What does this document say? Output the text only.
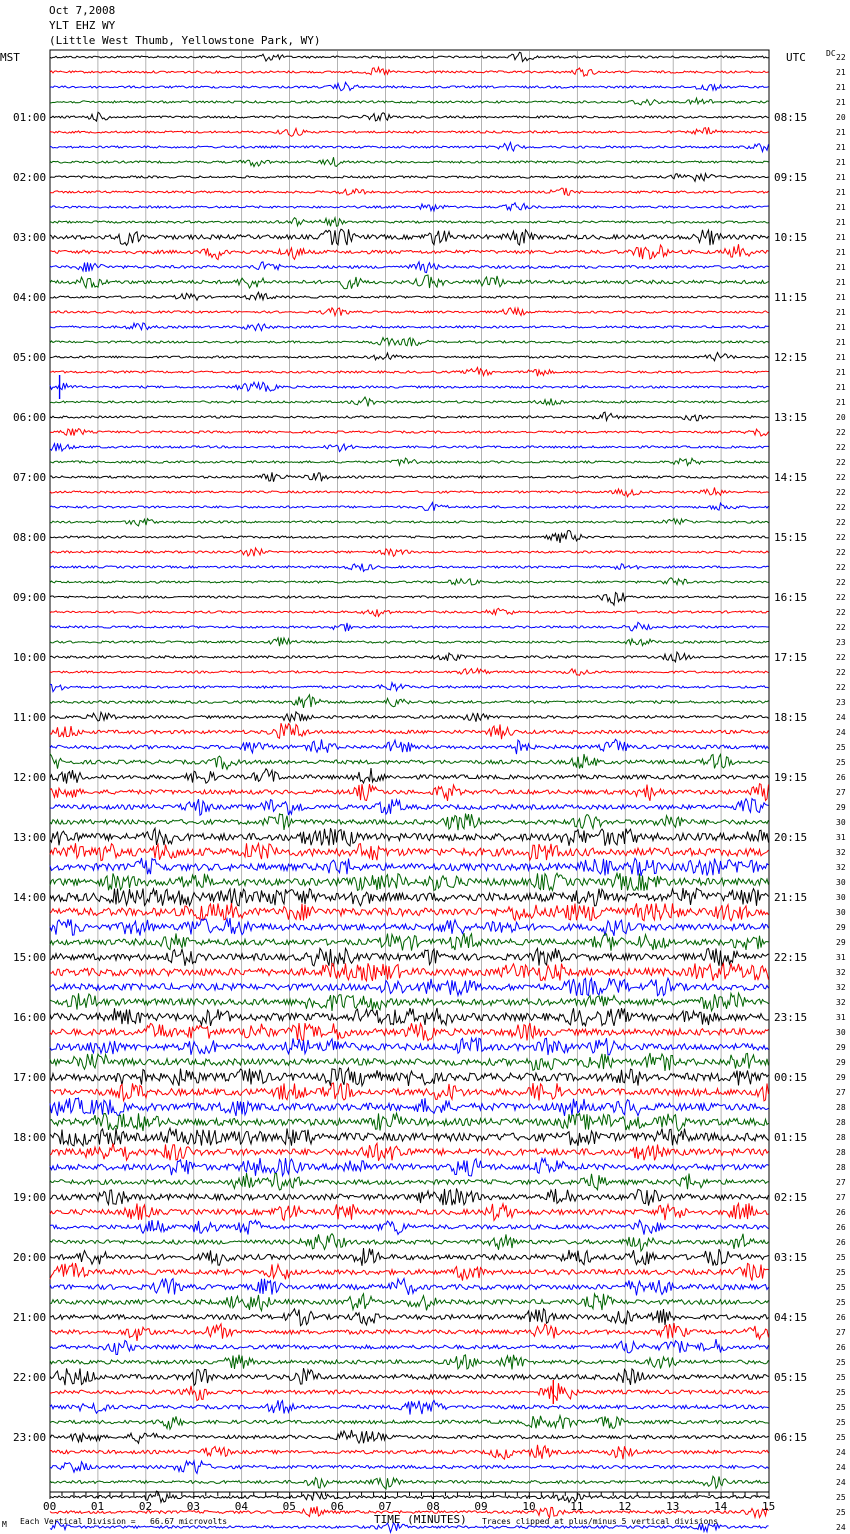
Oct 7,2008
YLT EHZ WY
(Little West Thumb, Yellowstone Park, WY)
01:00
02:00
03:00
04:00
05:00
06:00
07:00
08:00
09:00
10:00
11:00
12:00
13:00
14:00
15:00
16:00
17:00
18:00
19:00
20:00
21:00
22:00
23:00
08:15
09:15
10:15
11:15
12:15
13:15
14:15
15:15
16:15
17:15
18:15
19:15
20:15
21:15
22:15
23:15
00:15
01:15
02:15
03:15
04:15
05:15
06:15
22
21
21
21
20
21
21
21
21
21
21
21
21
21
21
21
21
21
21
21
21
21
21
21
20
22
22
22
22
22
22
22
22
22
22
22
22
22
22
23
22
22
22
23
24
24
25
25
26
27
29
30
31
32
32
30
30
30
29
29
31
32
32
32
31
30
29
29
29
27
28
28
28
28
28
27
27
26
26
26
25
25
25
25
26
27
26
25
25
25
25
25
25
24
24
24
25
25
24
00	01	02	03	04	05	06	07	08	09	10	11	12	13	14	15
MST	UTC	DC
TIME (MINUTES)
Each Vertical Division =   66.67 microvolts	Traces clipped at plus/minus 5 vertical divisions
M
